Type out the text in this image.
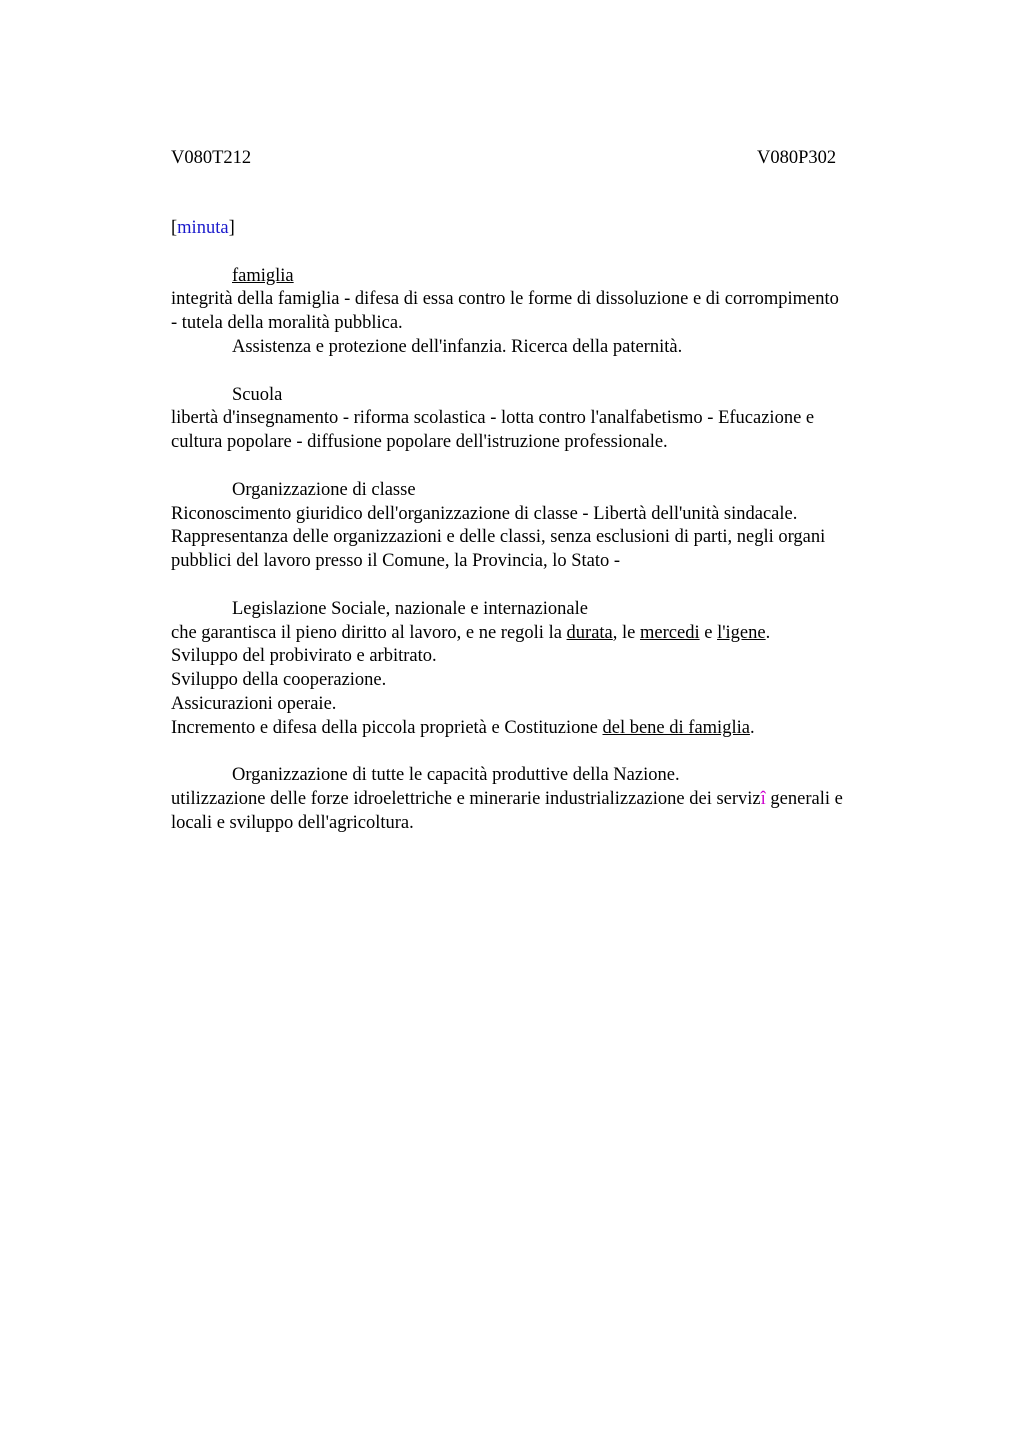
V080T212	V080P302

[minuta]

famiglia

integrità della famiglia - difesa di essa contro le forme di dissoluzione e di corrompimento

- tutela della moralità pubblica.

Assistenza e protezione dell'infanzia. Ricerca della paternità.

Scuola

libertà d'insegnamento - riforma scolastica - lotta contro l'analfabetismo - Efucazione e

cultura popolare - diffusione popolare dell'istruzione professionale.

Organizzazione di classe

Riconoscimento giuridico dell'organizzazione di classe - Libertà dell'unità sindacale.

Rappresentanza delle organizzazioni e delle classi, senza esclusioni di parti, negli organi

pubblici del lavoro presso il Comune, la Provincia, lo Stato -

Legislazione Sociale, nazionale e internazionale

che garantisca il pieno diritto al lavoro, e ne regoli la durata, le mercedi e l'igene.

Sviluppo del probivirato e arbitrato.

Sviluppo della cooperazione.

Assicurazioni operaie.

Incremento e difesa della piccola proprietà e Costituzione del bene di famiglia.

Organizzazione di tutte le capacità produttive della Nazione.

utilizzazione delle forze idroelettriche e minerarie industrializzazione dei servizî generali e

locali e sviluppo dell'agricoltura.
